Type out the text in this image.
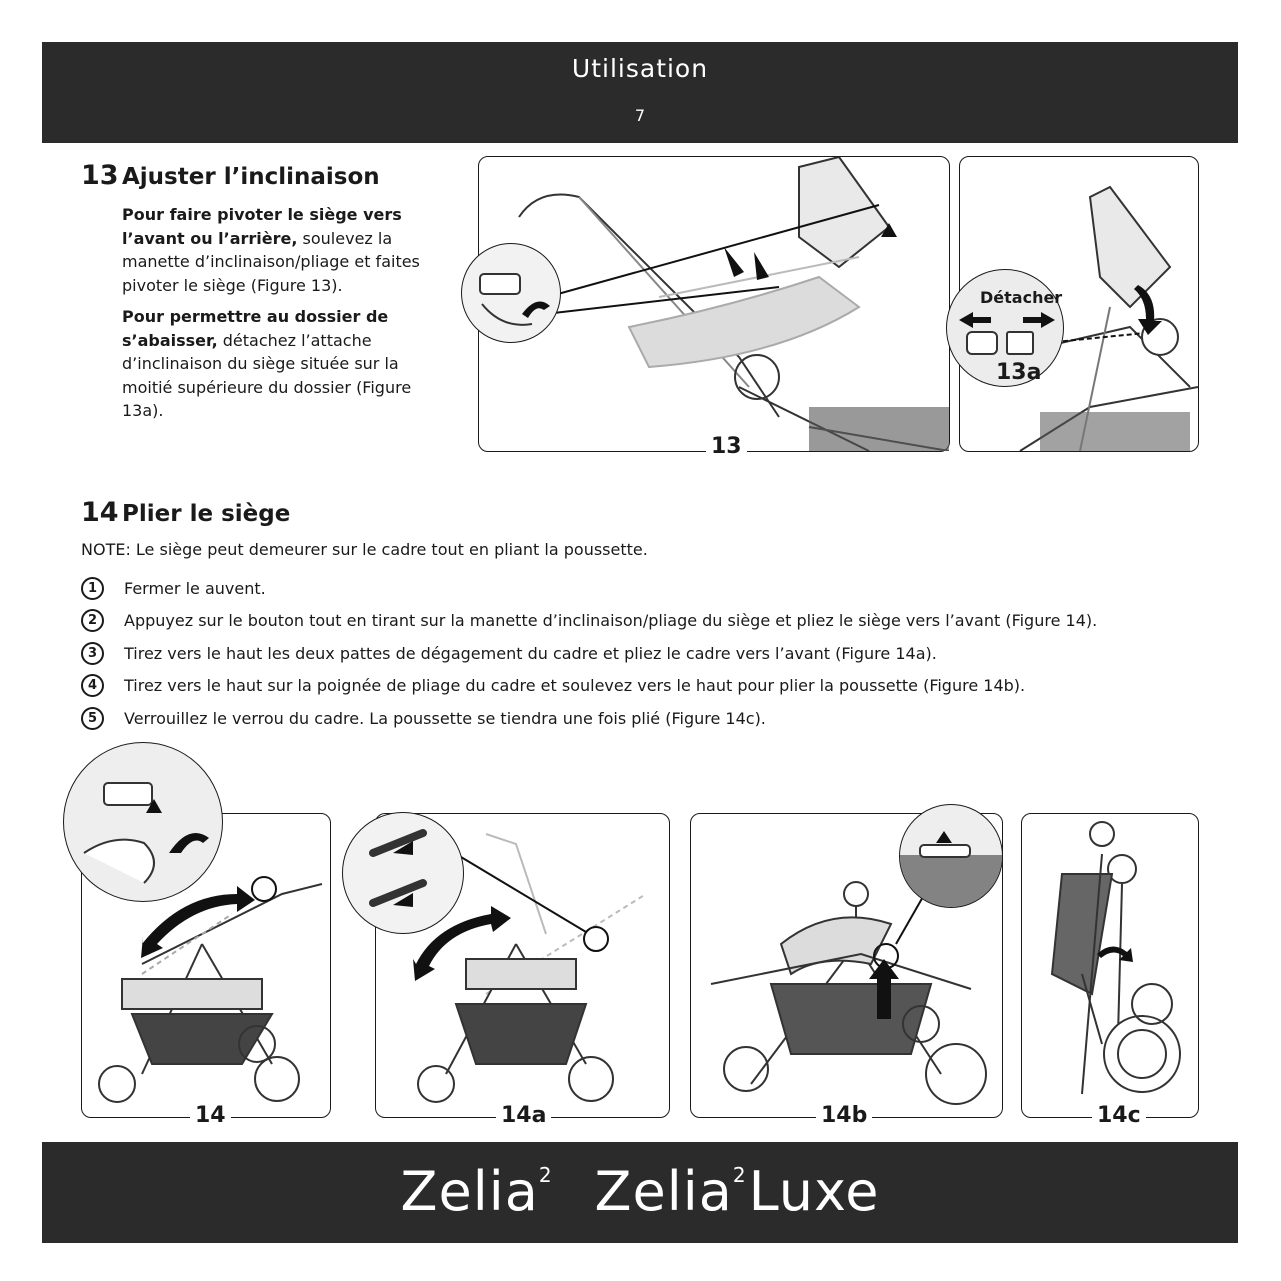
Utilisation
7
13 Ajuster l’inclinaison
Pour faire pivoter le siège vers l’avant ou l’arrière, soulevez la manette d’inclinaison/pliage et faites pivoter le siège (Figure 13).
Pour permettre au dossier de s’abaisser, détachez l’attache d’inclinaison du siège située sur la moitié supérieure du dossier (Figure 13a).
13
Détacher
13a
14 Plier le siège
NOTE: Le siège peut demeurer sur le cadre tout en pliant la poussette.
1	Fermer le auvent.
2	Appuyez sur le bouton tout en tirant sur la manette d’inclinaison/pliage du siège et pliez le siège vers l’avant (Figure 14).
3	Tirez vers le haut les deux pattes de dégagement du cadre et pliez le cadre vers l’avant (Figure 14a).
4	Tirez vers le haut sur la poignée de pliage du cadre et soulevez vers le haut pour plier la poussette (Figure 14b).
5	Verrouillez le verrou du cadre. La poussette se tiendra une fois plié (Figure 14c).
14	14a	14b	14c
Zelia$^2$ Zelia$^2$Luxe
